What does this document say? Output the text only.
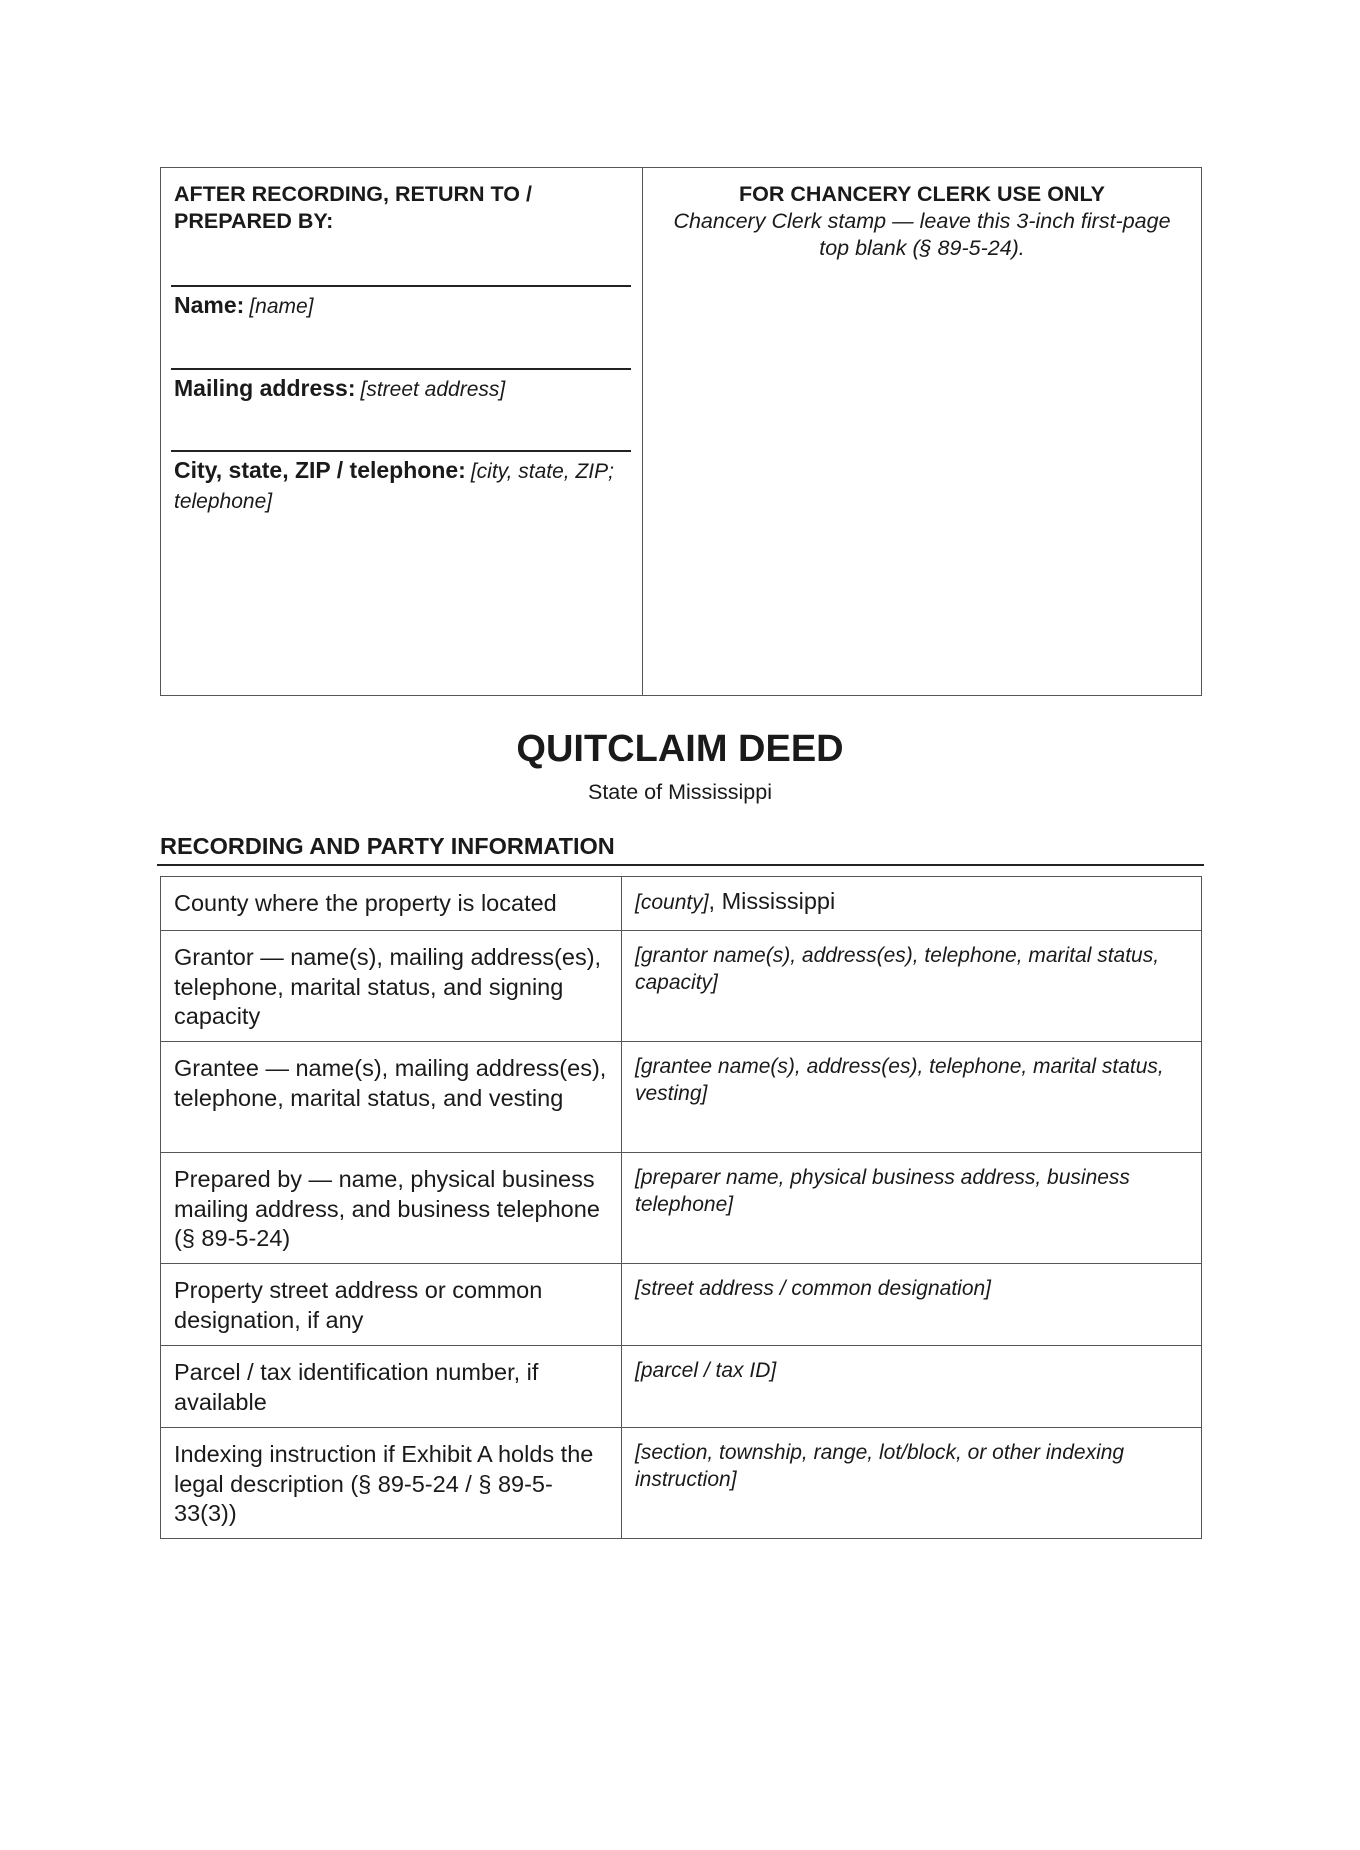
AFTER RECORDING, RETURN TO / PREPARED BY:
Name: [name]
Mailing address: [street address]
City, state, ZIP / telephone: [city, state, ZIP; telephone]
FOR CHANCERY CLERK USE ONLY
Chancery Clerk stamp — leave this 3-inch first-page top blank (§ 89-5-24).
QUITCLAIM DEED
State of Mississippi
RECORDING AND PARTY INFORMATION
County where the property is located	[county], Mississippi
Grantor — name(s), mailing address(es), telephone, marital status, and signing capacity	[grantor name(s), address(es), telephone, marital status, capacity]
Grantee — name(s), mailing address(es), telephone, marital status, and vesting	[grantee name(s), address(es), telephone, marital status, vesting]
Prepared by — name, physical business mailing address, and business telephone (§ 89-5-24)	[preparer name, physical business address, business telephone]
Property street address or common designation, if any	[street address / common designation]
Parcel / tax identification number, if available	[parcel / tax ID]
Indexing instruction if Exhibit A holds the legal description (§ 89-5-24 / § 89-5-33(3))	[section, township, range, lot/block, or other indexing instruction]
